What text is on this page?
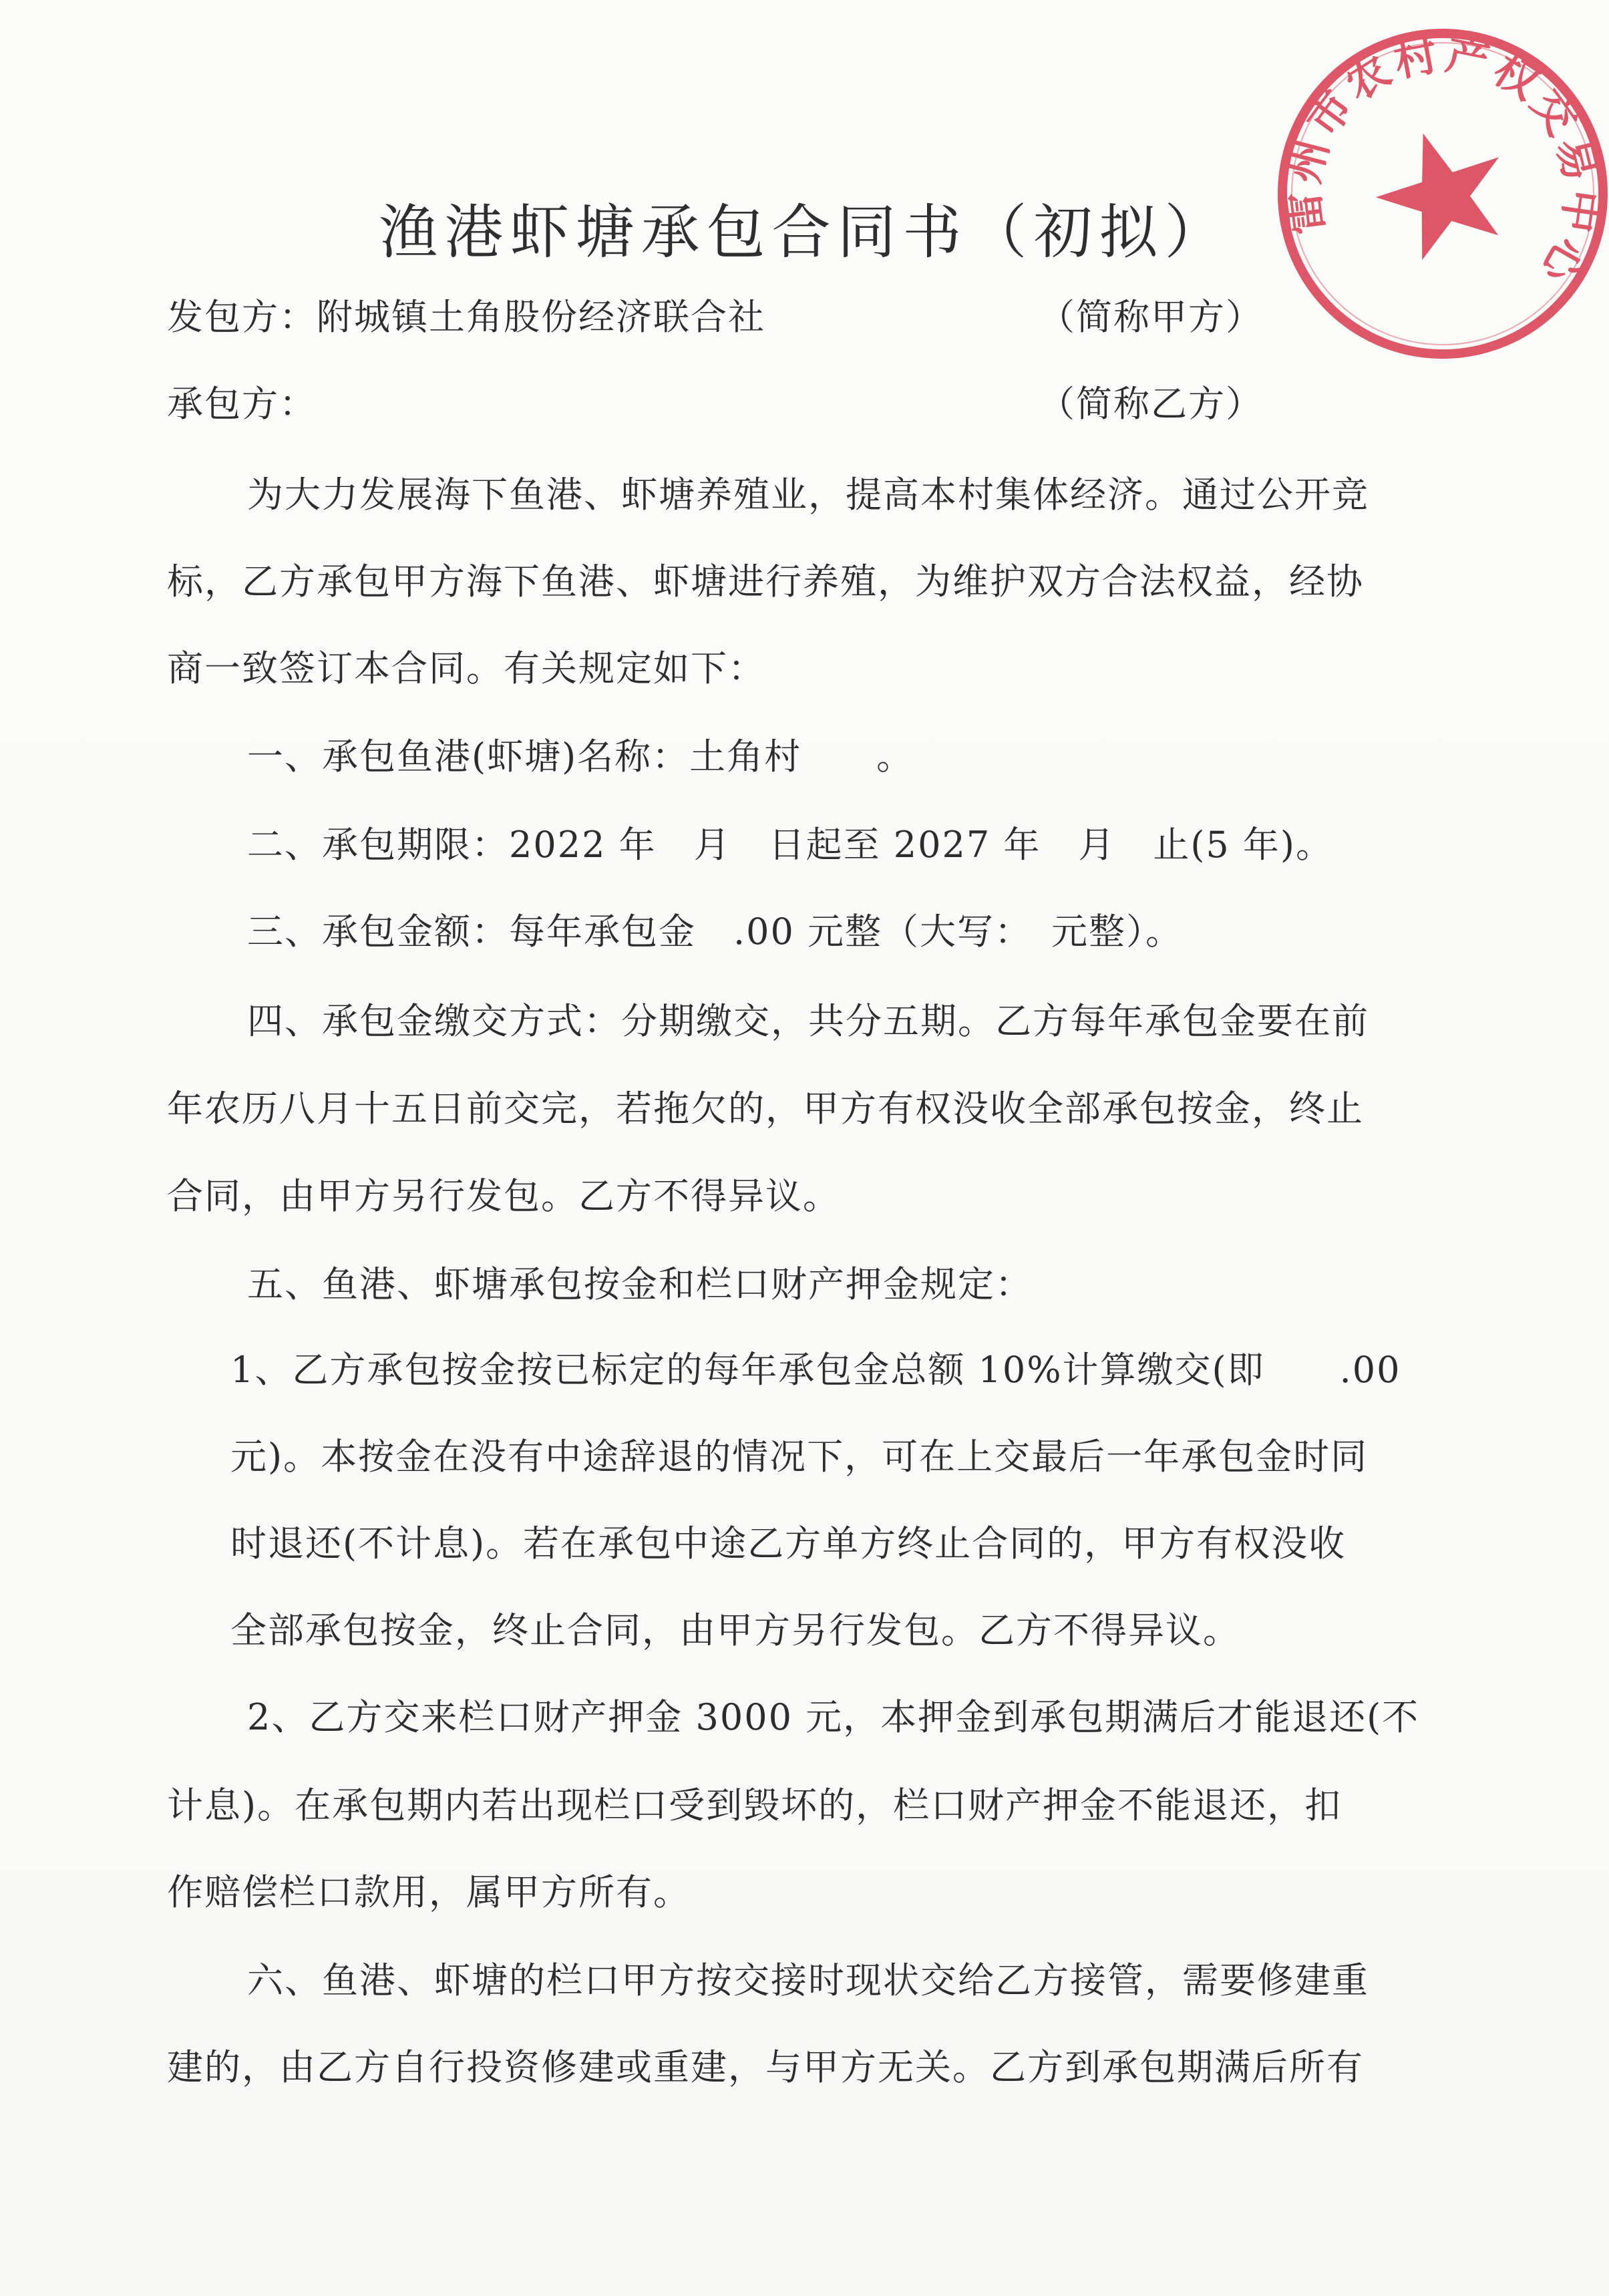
渔港虾塘承包合同书（初拟）
发包方：附城镇土角股份经济联合社	（简称甲方）
承包方：	（简称乙方）
为大力发展海下鱼港、虾塘养殖业，提高本村集体经济。通过公开竞
标，乙方承包甲方海下鱼港、虾塘进行养殖，为维护双方合法权益，经协
商一致签订本合同。有关规定如下：
一、承包鱼港(虾塘)名称：土角村　　。
二、承包期限：2022 年　月　日起至 2027 年　月　止(5 年)。
三、承包金额：每年承包金　.00 元整（大写：　元整）。
四、承包金缴交方式：分期缴交，共分五期。乙方每年承包金要在前
年农历八月十五日前交完，若拖欠的，甲方有权没收全部承包按金，终止
合同，由甲方另行发包。乙方不得异议。
五、鱼港、虾塘承包按金和栏口财产押金规定：
1、乙方承包按金按已标定的每年承包金总额 10%计算缴交(即　　.00
元)。本按金在没有中途辞退的情况下，可在上交最后一年承包金时同
时退还(不计息)。若在承包中途乙方单方终止合同的，甲方有权没收
全部承包按金，终止合同，由甲方另行发包。乙方不得异议。
2、乙方交来栏口财产押金 3000 元，本押金到承包期满后才能退还(不
计息)。在承包期内若出现栏口受到毁坏的，栏口财产押金不能退还，扣
作赔偿栏口款用，属甲方所有。
六、鱼港、虾塘的栏口甲方按交接时现状交给乙方接管，需要修建重
建的，由乙方自行投资修建或重建，与甲方无关。乙方到承包期满后所有
雷州市农村产权交易中心
